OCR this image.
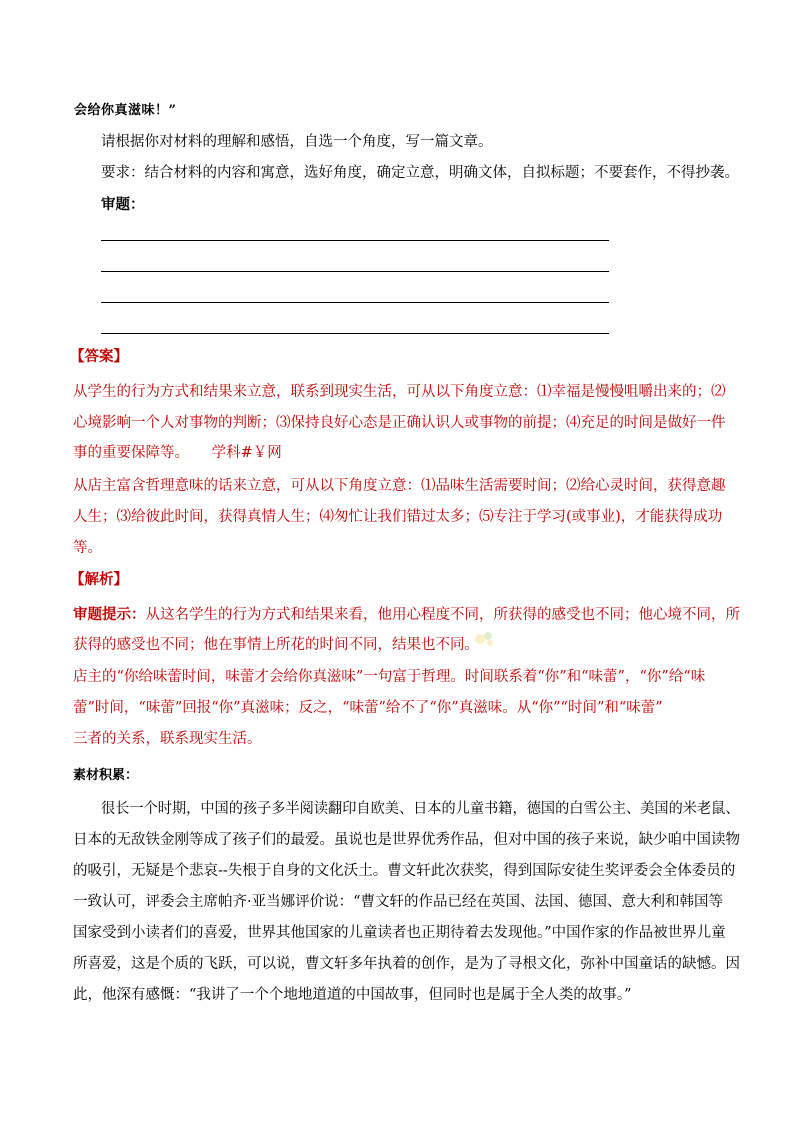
会给你真滋味！”
请根据你对材料的理解和感悟，自选一个角度，写一篇文章。
要求：结合材料的内容和寓意，选好角度，确定立意，明确文体，自拟标题；不要套作，不得抄袭。
审题：
【答案】
从学生的行为方式和结果来立意，联系到现实生活，可从以下角度立意：⑴幸福是慢慢咀嚼出来的；⑵
心境影响一个人对事物的判断；⑶保持良好心态是正确认识人或事物的前提；⑷充足的时间是做好一件
事的重要保障等。 学科#￥网
从店主富含哲理意味的话来立意，可从以下角度立意：⑴品味生活需要时间；⑵给心灵时间，获得意趣
人生；⑶给彼此时间，获得真情人生；⑷匆忙让我们错过太多；⑸专注于学习(或事业)，才能获得成功
等。
【解析】
审题提示：从这名学生的行为方式和结果来看，他用心程度不同，所获得的感受也不同；他心境不同，所
获得的感受也不同；他在事情上所花的时间不同，结果也不同。
店主的“你给味蕾时间，味蕾才会给你真滋味”一句富于哲理。时间联系着“你”和“味蕾”，“你”给“味
蕾”时间，“味蕾”回报“你”真滋味；反之，“味蕾”给不了“你”真滋味。从“你”“时间”和“味蕾”
三者的关系，联系现实生活。
素材积累：
很长一个时期，中国的孩子多半阅读翻印自欧美、日本的儿童书籍，德国的白雪公主、美国的米老鼠、
日本的无敌铁金刚等成了孩子们的最爱。虽说也是世界优秀作品，但对中国的孩子来说，缺少咱中国读物
的吸引，无疑是个悲哀--失根于自身的文化沃土。曹文轩此次获奖，得到国际安徒生奖评委会全体委员的
一致认可，评委会主席帕齐·亚当娜评价说：“曹文轩的作品已经在英国、法国、德国、意大利和韩国等
国家受到小读者们的喜爱，世界其他国家的儿童读者也正期待着去发现他。”中国作家的作品被世界儿童
所喜爱，这是个质的飞跃，可以说，曹文轩多年执着的创作，是为了寻根文化，弥补中国童话的缺憾。因
此，他深有感慨：“我讲了一个个地地道道的中国故事，但同时也是属于全人类的故事。”
